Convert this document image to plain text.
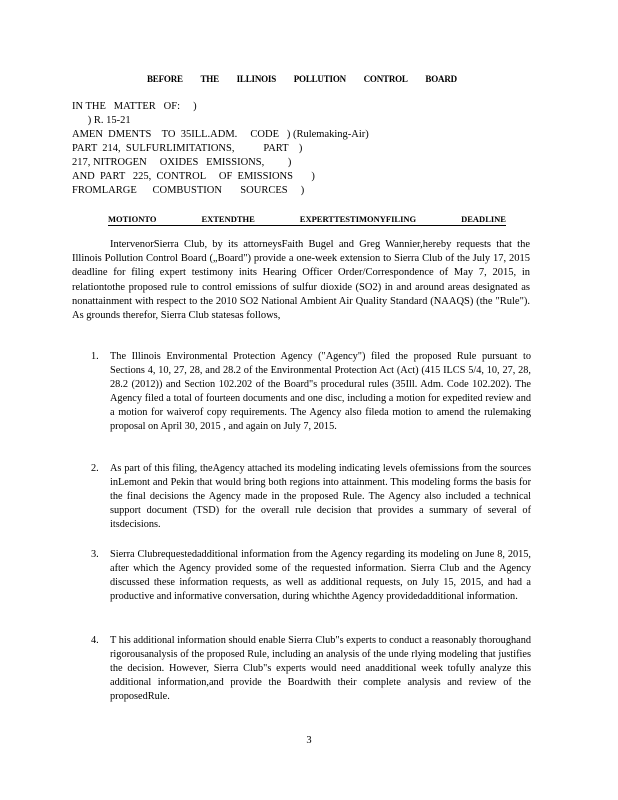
BEFORE THE ILLINOIS POLLUTION CONTROL BOARD
IN THE   MATTER   OF:     )
) R. 15-21
AMEN  DMENTS    TO  35ILL.ADM.     CODE   ) (Rulemaking-Air)
PART  214,  SULFURLIMITATIONS,           PART    )
217, NITROGEN     OXIDES   EMISSIONS,         )
AND  PART   225,  CONTROL     OF  EMISSIONS       )
FROMLARGE      COMBUSTION       SOURCES     )
MOTIONTO	EXTENDTHE	EXPERTTESTIMONYFILING	DEADLINE
IntervenorSierra Club, by its attorneysFaith Bugel and Greg Wannier,hereby requests that the Illinois Pollution Control Board („Board") provide a one-week extension to Sierra Club of the July 17, 2015 deadline for filing expert testimony inits Hearing Officer Order/Correspondence of May 7, 2015, in relationtothe proposed rule to control emissions of sulfur dioxide (SO2) in and around areas designated as nonattainment with respect to the 2010 SO2 National Ambient Air Quality Standard (NAAQS) (the "Rule"). As grounds therefor, Sierra Club statesas follows,
1. The Illinois Environmental Protection Agency ("Agency") filed the proposed Rule pursuant to Sections 4, 10, 27, 28, and 28.2 of the Environmental Protection Act (Act) (415 ILCS 5/4, 10, 27, 28, 28.2 (2012)) and Section 102.202 of the Board"s procedural rules (35Ill. Adm. Code 102.202). The Agency filed a total of fourteen documents and one disc, including a motion for expedited review and a motion for waiverof copy requirements. The Agency also fileda motion to amend the rulemaking proposal on April 30, 2015 , and again on July 7, 2015.
2. As part of this filing, theAgency attached its modeling indicating levels ofemissions from the sources inLemont and Pekin that would bring both regions into attainment. This modeling forms the basis for the final decisions the Agency made in the proposed Rule. The Agency also included a technical support document (TSD) for the overall rule decision that provides a summary of several of itsdecisions.
3. Sierra Clubrequestedadditional information from the Agency regarding its modeling on June 8, 2015, after which the Agency provided some of the requested information. Sierra Club and the Agency discussed these information requests, as well as additional requests, on July 15, 2015, and had a productive and informative conversation, during whichthe Agency providedadditional information.
4. T his additional information should enable Sierra Club"s experts to conduct a reasonably thoroughand rigorousanalysis of the proposed Rule, including an analysis of the unde rlying modeling that justifies the decision. However, Sierra Club"s experts would need anadditional week tofully analyze this additional information,and provide the Boardwith their complete analysis and review of the proposedRule.
3
